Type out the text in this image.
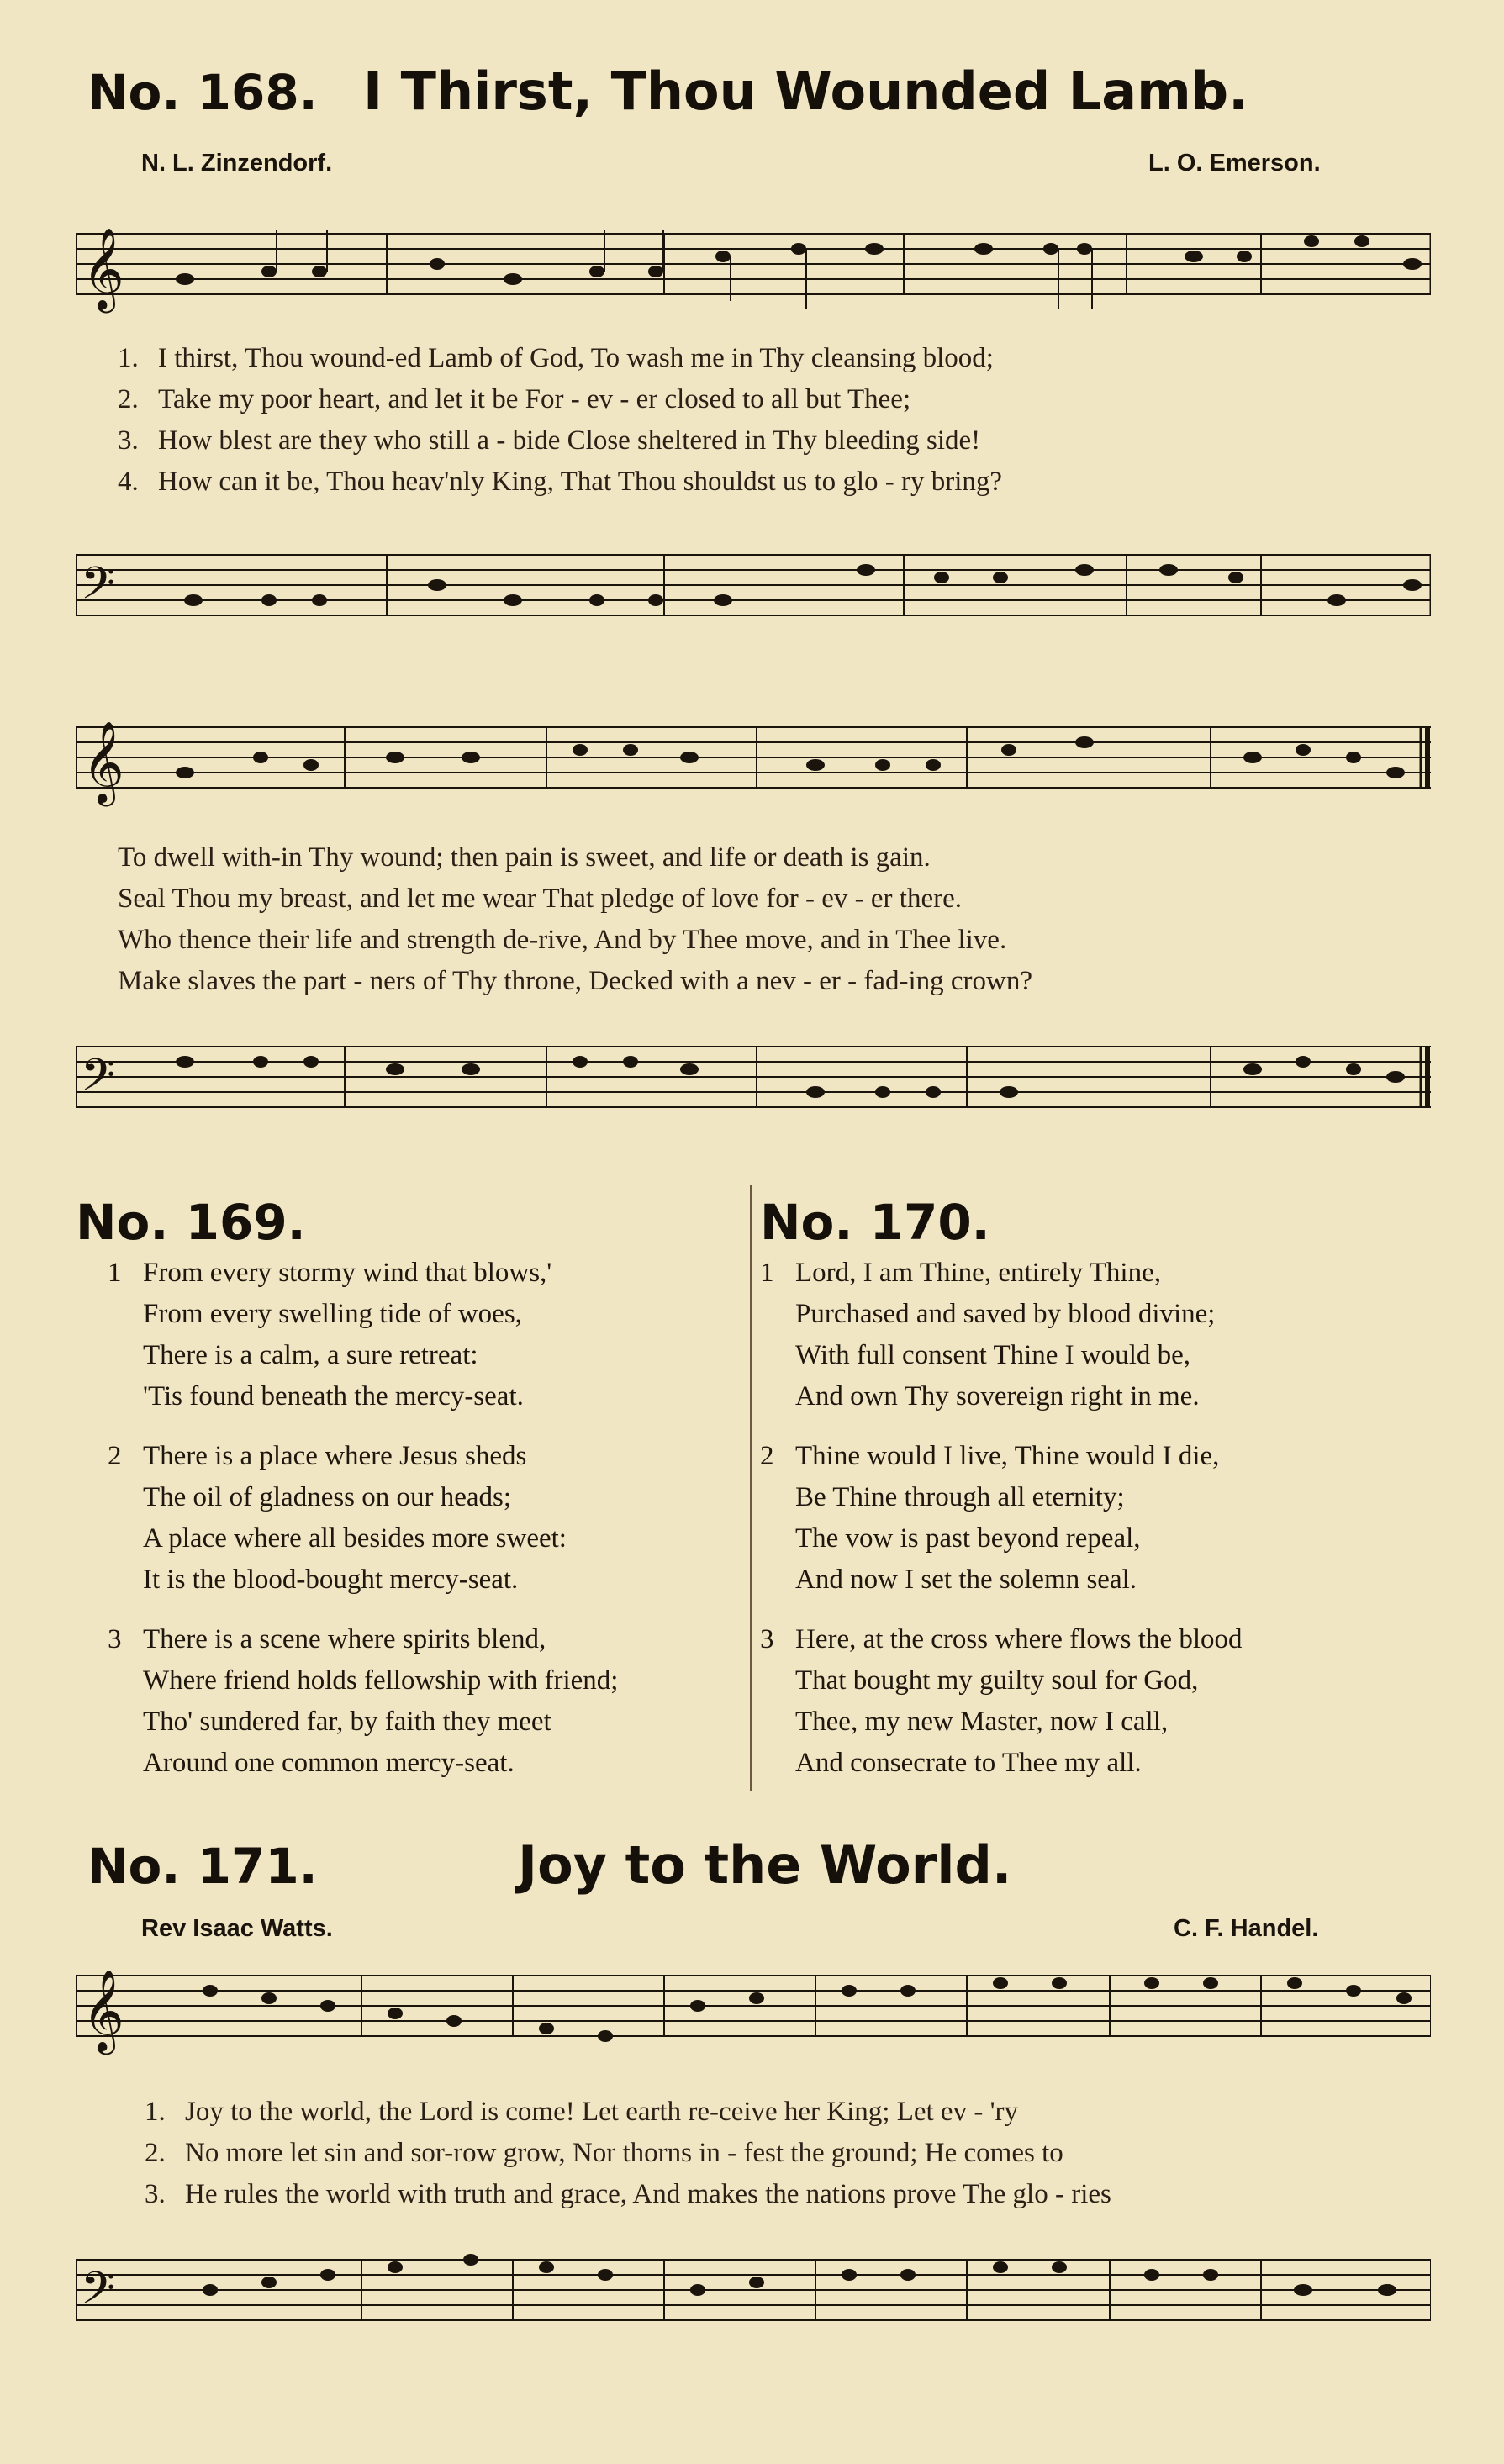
No. 168. I Thirst, Thou Wounded Lamb.
N. L. Zinzendorf.	L. O. Emerson.
𝄞
1. I thirst, Thou wound-ed Lamb of God, To wash me in Thy cleansing blood;
2. Take my poor heart, and let it be For - ev - er closed to all but Thee;
3. How blest are they who still a - bide Close sheltered in Thy bleeding side!
4. How can it be, Thou heav'nly King, That Thou shouldst us to glo - ry bring?
𝄢
𝄞
To dwell with-in Thy wound; then pain is sweet, and life or death is gain.
Seal Thou my breast, and let me wear That pledge of love for - ev - er there.
Who thence their life and strength de-rive, And by Thee move, and in Thee live.
Make slaves the part - ners of Thy throne, Decked with a nev - er - fad-ing crown?
𝄢
No. 169.	No. 170.
1 From every stormy wind that blows,'
From every swelling tide of woes,
There is a calm, a sure retreat:
'Tis found beneath the mercy-seat.
2 There is a place where Jesus sheds
The oil of gladness on our heads;
A place where all besides more sweet:
It is the blood-bought mercy-seat.
3 There is a scene where spirits blend,
Where friend holds fellowship with friend;
Tho' sundered far, by faith they meet
Around one common mercy-seat.
1 Lord, I am Thine, entirely Thine,
Purchased and saved by blood divine;
With full consent Thine I would be,
And own Thy sovereign right in me.
2 Thine would I live, Thine would I die,
Be Thine through all eternity;
The vow is past beyond repeal,
And now I set the solemn seal.
3 Here, at the cross where flows the blood
That bought my guilty soul for God,
Thee, my new Master, now I call,
And consecrate to Thee my all.
No. 171.	Joy to the World.
Rev Isaac Watts.	C. F. Handel.
𝄞
1. Joy to the world, the Lord is come! Let earth re-ceive her King; Let ev - 'ry
2. No more let sin and sor-row grow, Nor thorns in - fest the ground; He comes to
3. He rules the world with truth and grace, And makes the nations prove The glo - ries
𝄢
